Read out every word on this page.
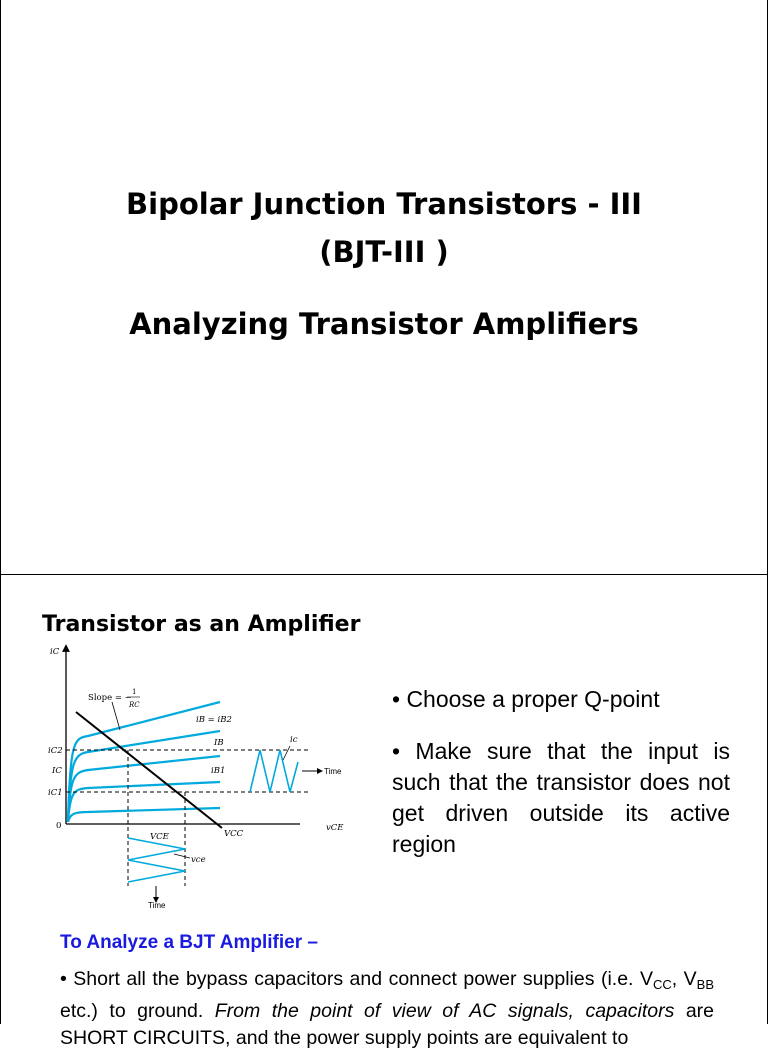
Bipolar Junction Transistors - III
(BJT-III )
Analyzing Transistor Amplifiers
Transistor as an Amplifier
iC
vCE
0
iC2
IC
iC1
iB = iB2
IB
iB1
ic
VCE	VCC
vce
Slope = −
1
RC
Time
Time
• Choose a proper Q-point
• Make sure that the input is such that the transistor does not get driven outside its active region
To Analyze a BJT Amplifier –
• Short all the bypass capacitors and connect power supplies (i.e. $V_{CC}$, $V_{BB}$ etc.) to ground. From the point of view of AC signals, capacitors are SHORT CIRCUITS, and the power supply points are equivalent to
